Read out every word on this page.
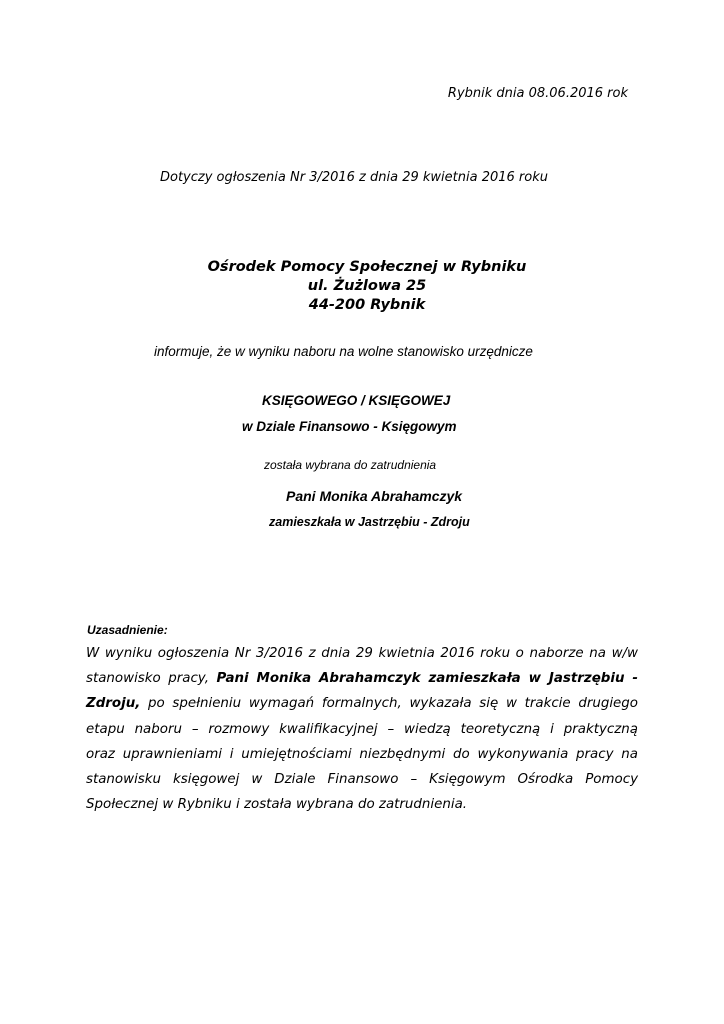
Rybnik dnia 08.06.2016 rok
Dotyczy ogłoszenia Nr 3/2016 z dnia 29 kwietnia 2016 roku
Ośrodek Pomocy Społecznej w Rybniku
ul. Żużlowa 25
44-200 Rybnik
informuje, że w wyniku naboru na wolne stanowisko urzędnicze
KSIĘGOWEGO / KSIĘGOWEJ
w Dziale Finansowo - Księgowym
została wybrana do zatrudnienia
Pani Monika Abrahamczyk
zamieszkała w Jastrzębiu - Zdroju
Uzasadnienie:
W wyniku ogłoszenia Nr 3/2016 z dnia 29 kwietnia 2016 roku o naborze na w/w
stanowisko pracy, Pani Monika Abrahamczyk zamieszkała w Jastrzębiu -
Zdroju, po spełnieniu wymagań formalnych, wykazała się w trakcie drugiego
etapu naboru – rozmowy kwalifikacyjnej – wiedzą teoretyczną i praktyczną
oraz uprawnieniami i umiejętnościami niezbędnymi do wykonywania pracy na
stanowisku księgowej w Dziale Finansowo – Księgowym Ośrodka Pomocy
Społecznej w Rybniku i została wybrana do zatrudnienia.
